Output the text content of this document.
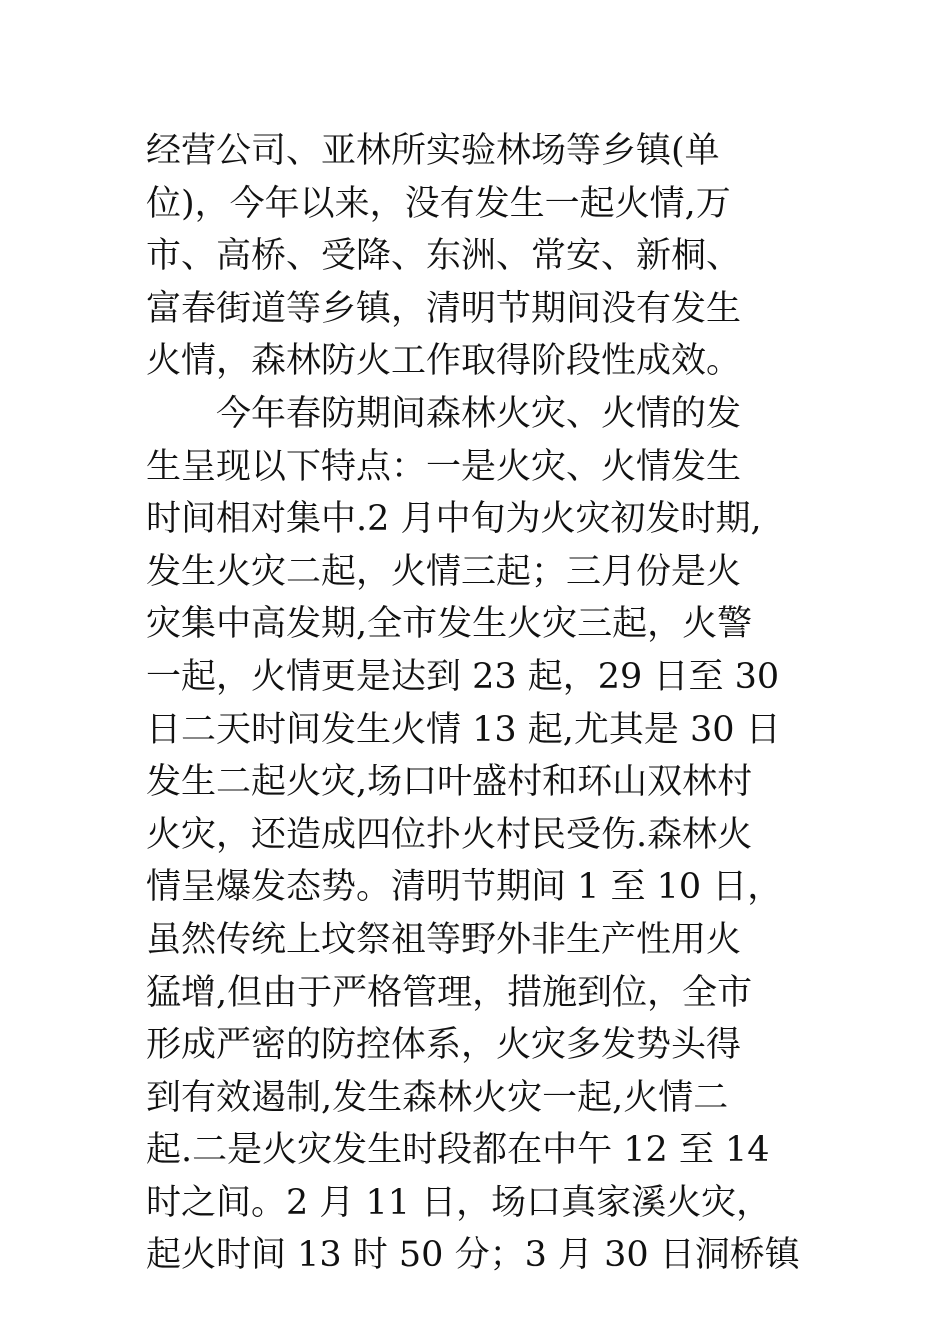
经营公司、亚林所实验林场等乡镇(单
位)，今年以来，没有发生一起火情,万
市、高桥、受降、东洲、常安、新桐、
富春街道等乡镇，清明节期间没有发生
火情，森林防火工作取得阶段性成效。
　　今年春防期间森林火灾、火情的发
生呈现以下特点：一是火灾、火情发生
时间相对集中.2 月中旬为火灾初发时期,
发生火灾二起，火情三起；三月份是火
灾集中高发期,全市发生火灾三起，火警
一起，火情更是达到 23 起，29 日至 30
日二天时间发生火情 13 起,尤其是 30 日
发生二起火灾,场口叶盛村和环山双林村
火灾，还造成四位扑火村民受伤.森林火
情呈爆发态势。清明节期间 1 至 10 日，
虽然传统上坟祭祖等野外非生产性用火
猛增,但由于严格管理，措施到位，全市
形成严密的防控体系，火灾多发势头得
到有效遏制,发生森林火灾一起,火情二
起.二是火灾发生时段都在中午 12 至 14
时之间。2 月 11 日，场口真家溪火灾，
起火时间 13 时 50 分；3 月 30 日洞桥镇
